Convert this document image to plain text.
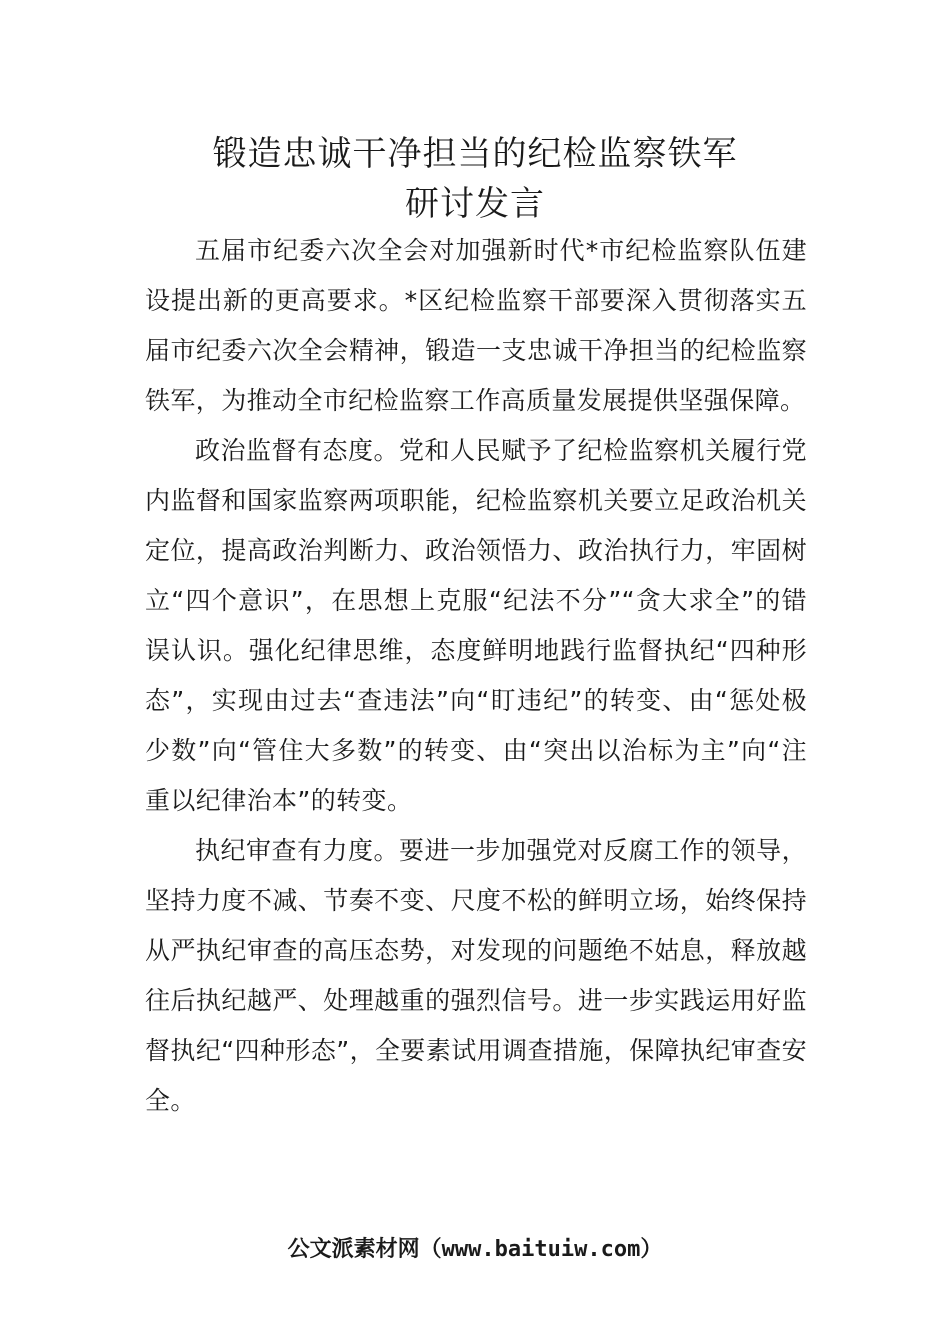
锻造忠诚干净担当的纪检监察铁军
研讨发言

五届市纪委六次全会对加强新时代*市纪检监察队伍建设提出新的更高要求。*区纪检监察干部要深入贯彻落实五届市纪委六次全会精神，锻造一支忠诚干净担当的纪检监察铁军，为推动全市纪检监察工作高质量发展提供坚强保障。

政治监督有态度。党和人民赋予了纪检监察机关履行党内监督和国家监察两项职能，纪检监察机关要立足政治机关定位，提高政治判断力、政治领悟力、政治执行力，牢固树立“四个意识”，在思想上克服“纪法不分”“贪大求全”的错误认识。强化纪律思维，态度鲜明地践行监督执纪“四种形态”，实现由过去“查违法”向“盯违纪”的转变、由“惩处极少数”向“管住大多数”的转变、由“突出以治标为主”向“注重以纪律治本”的转变。

执纪审查有力度。要进一步加强党对反腐工作的领导，坚持力度不减、节奏不变、尺度不松的鲜明立场，始终保持从严执纪审查的高压态势，对发现的问题绝不姑息，释放越往后执纪越严、处理越重的强烈信号。进一步实践运用好监督执纪“四种形态”，全要素试用调查措施，保障执纪审查安全。

公文派素材网（www.baituiw.com）
